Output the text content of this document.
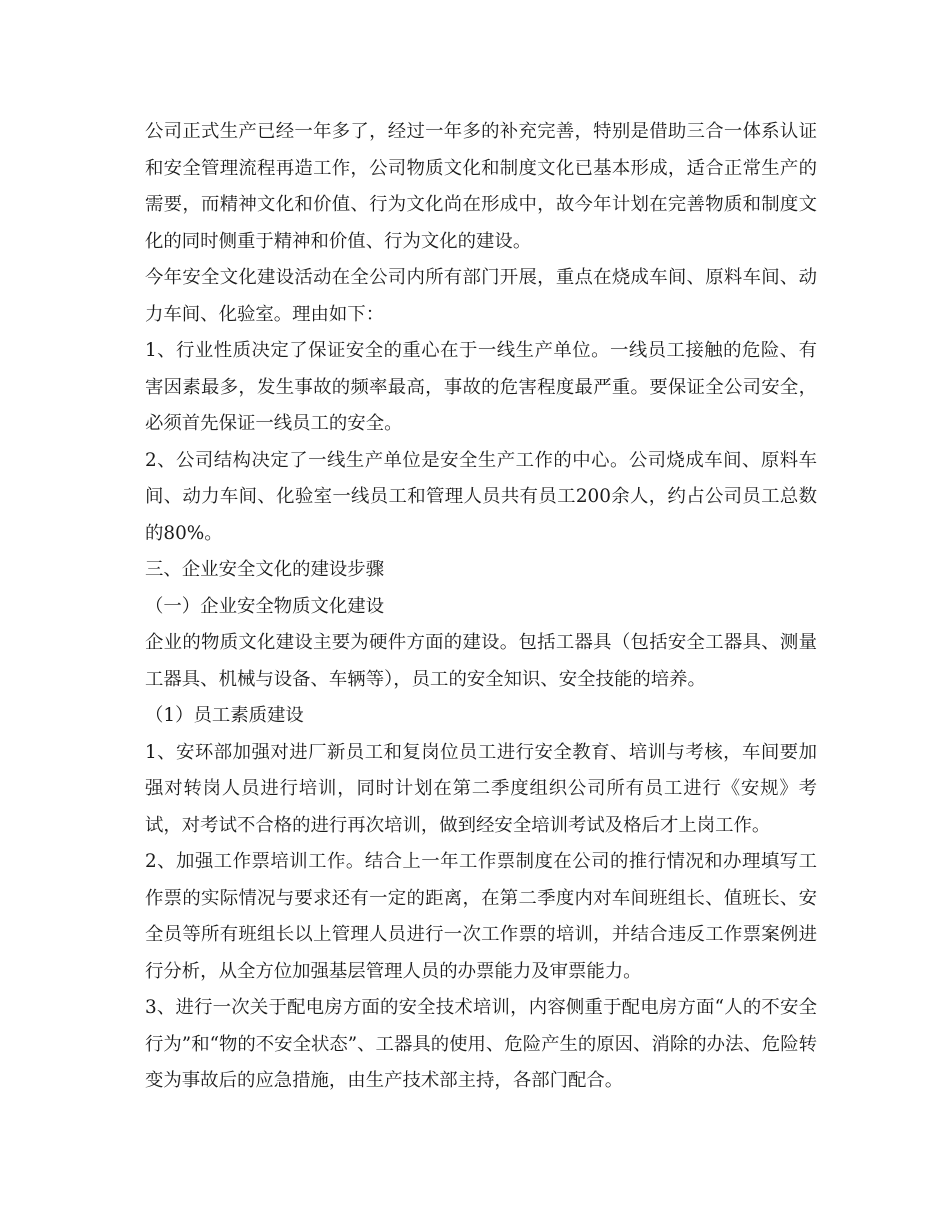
公司正式生产已经一年多了，经过一年多的补充完善，特别是借助三合一体系认证和安全管理流程再造工作，公司物质文化和制度文化已基本形成，适合正常生产的需要，而精神文化和价值、行为文化尚在形成中，故今年计划在完善物质和制度文化的同时侧重于精神和价值、行为文化的建设。

今年安全文化建设活动在全公司内所有部门开展，重点在烧成车间、原料车间、动力车间、化验室。理由如下：

1、行业性质决定了保证安全的重心在于一线生产单位。一线员工接触的危险、有害因素最多，发生事故的频率最高，事故的危害程度最严重。要保证全公司安全，必须首先保证一线员工的安全。

2、公司结构决定了一线生产单位是安全生产工作的中心。公司烧成车间、原料车间、动力车间、化验室一线员工和管理人员共有员工200余人，约占公司员工总数的80%。

三、企业安全文化的建设步骤

（一）企业安全物质文化建设

企业的物质文化建设主要为硬件方面的建设。包括工器具（包括安全工器具、测量工器具、机械与设备、车辆等），员工的安全知识、安全技能的培养。

（1）员工素质建设

1、安环部加强对进厂新员工和复岗位员工进行安全教育、培训与考核，车间要加强对转岗人员进行培训，同时计划在第二季度组织公司所有员工进行《安规》考试，对考试不合格的进行再次培训，做到经安全培训考试及格后才上岗工作。

2、加强工作票培训工作。结合上一年工作票制度在公司的推行情况和办理填写工作票的实际情况与要求还有一定的距离，在第二季度内对车间班组长、值班长、安全员等所有班组长以上管理人员进行一次工作票的培训，并结合违反工作票案例进行分析，从全方位加强基层管理人员的办票能力及审票能力。

3、进行一次关于配电房方面的安全技术培训，内容侧重于配电房方面“人的不安全行为”和“物的不安全状态”、工器具的使用、危险产生的原因、消除的办法、危险转变为事故后的应急措施，由生产技术部主持，各部门配合。
